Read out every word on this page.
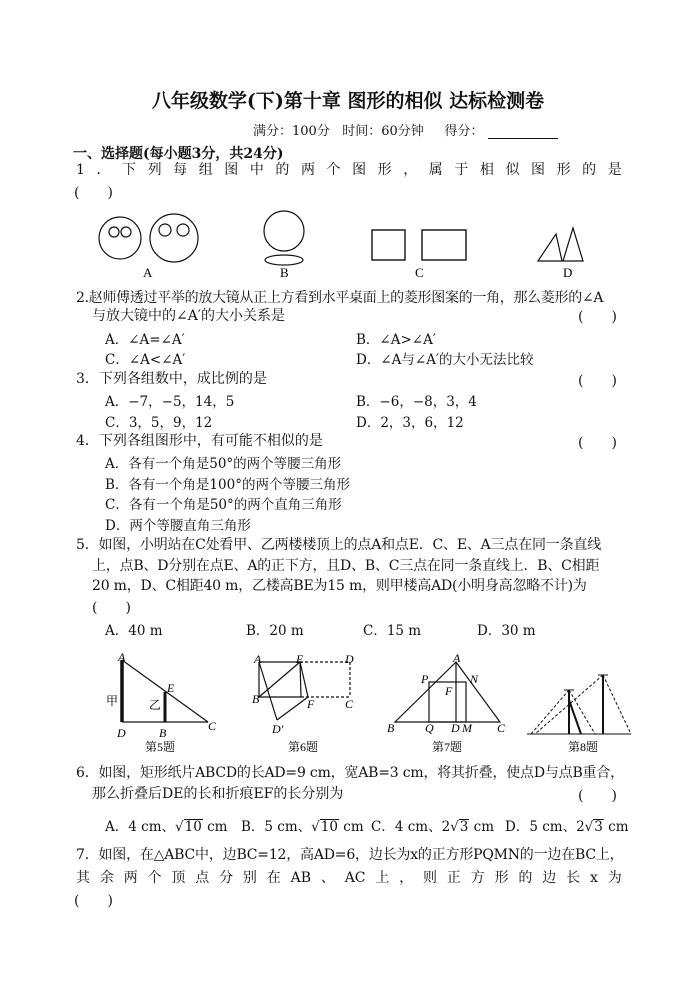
八年级数学(下)第十章 图形的相似 达标检测卷
满分：100分 时间：60分钟 得分：
一、选择题(每小题3分，共24分)
1 ． 下 列 每 组 图 中 的 两 个 图 形 ， 属 于 相 似 图 形 的 是
(　　)
A	B	C	D
2.赵师傅透过平举的放大镜从正上方看到水平桌面上的菱形图案的一角，那么菱形的∠A
与放大镜中的∠A′的大小关系是	(　　)
A．∠A=∠A′	B．∠A>∠A′
C．∠A<∠A′	D．∠A与∠A′的大小无法比较
3．下列各组数中，成比例的是	(　　)
A．−7，−5，14，5	B．−6，−8，3，4
C．3，5，9，12	D．2，3，6，12
4．下列各组图形中，有可能不相似的是	(　　)
A．各有一个角是50°的两个等腰三角形
B．各有一个角是100°的两个等腰三角形
C．各有一个角是50°的两个直角三角形
D．两个等腰直角三角形
5．如图，小明站在C处看甲、乙两楼楼顶上的点A和点E．C、E、A三点在同一条直线
上，点B、D分别在点E、A的正下方，且D、B、C三点在同一条直线上．B、C相距
20 m，D、C相距40 m，乙楼高BE为15 m，则甲楼高AD(小明身高忽略不计)为
(　　)
A．40 m	B．20 m	C．15 m	D．30 m
A
E
D	B	C
甲	乙
第5题
A	E	D
B	F	C
D′
第6题
A
P	N
F
B	Q D M C
第7题	第8题
6．如图，矩形纸片ABCD的长AD=9 cm，宽AB=3 cm，将其折叠，使点D与点B重合，
那么折叠后DE的长和折痕EF的长分别为	(　　)
A．4 cm、√10 cm B．5 cm、√10 cm C．4 cm、2√3 cm D．5 cm、2√3 cm
7．如图，在△ABC中，边BC=12，高AD=6，边长为x的正方形PQMN的一边在BC上，
其 余 两 个 顶 点 分 别 在 AB 、 AC 上 ， 则 正 方 形 的 边 长 x 为
(　　)
